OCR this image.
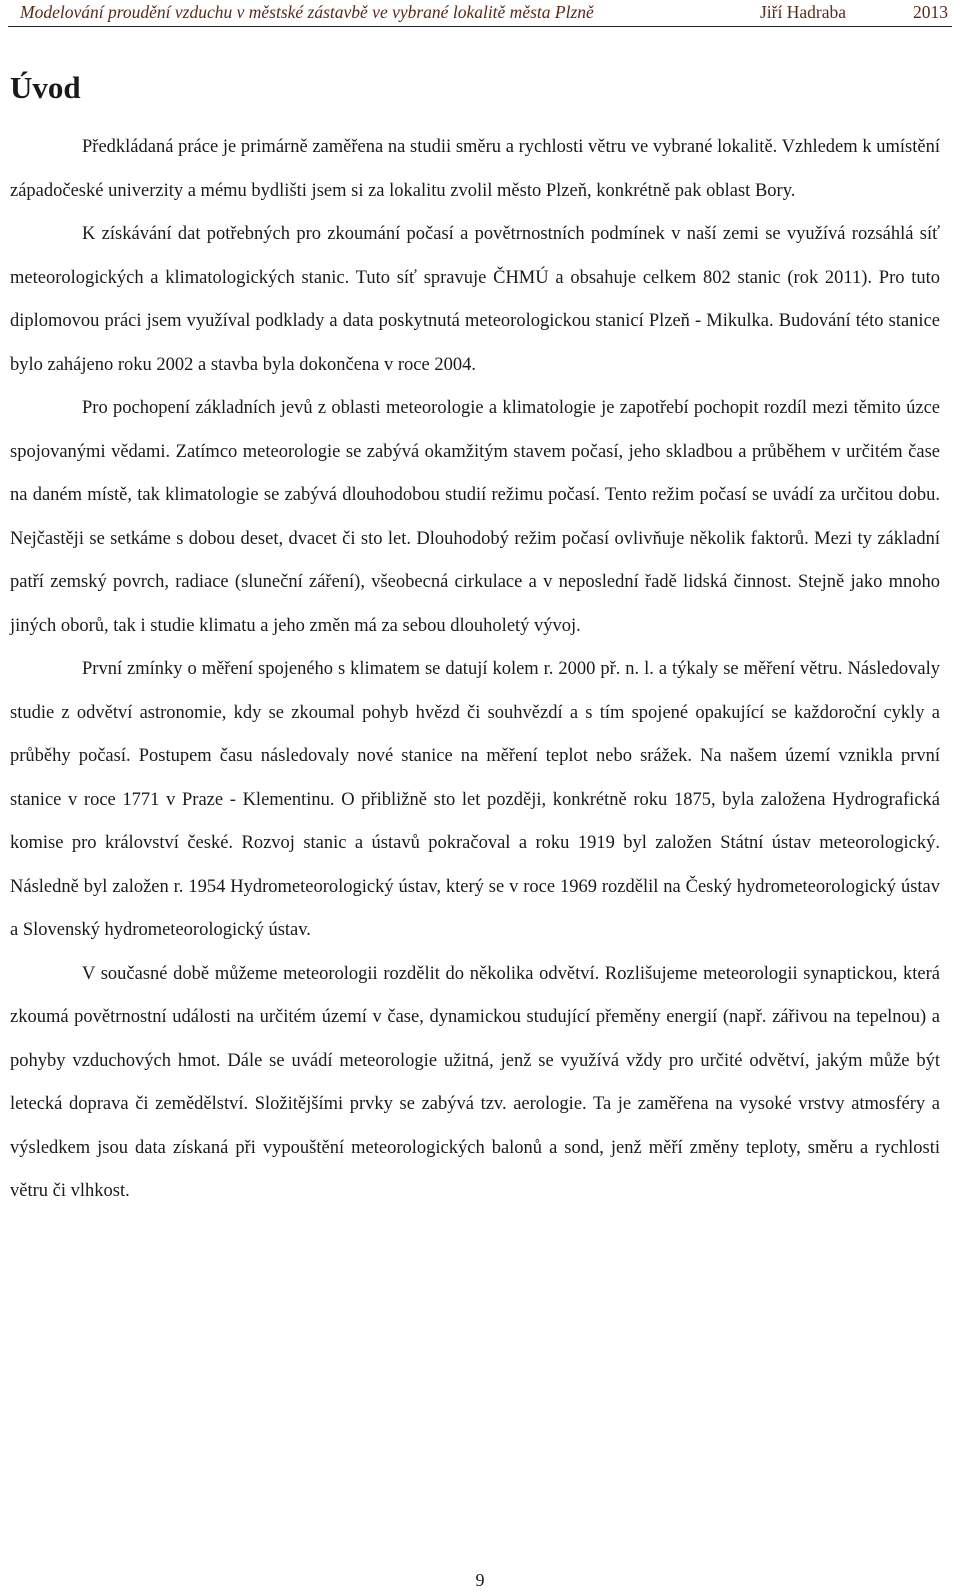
Modelování proudění vzduchu v městské zástavbě ve vybrané lokalitě města Plzně	Jiří Hadraba	2013
Úvod

Předkládaná práce je primárně zaměřena na studii směru a rychlosti větru ve vybrané lokalitě. Vzhledem k umístění západočeské univerzity a mému bydlišti jsem si za lokalitu zvolil město Plzeň, konkrétně pak oblast Bory.

K získávání dat potřebných pro zkoumání počasí a povětrnostních podmínek v naší zemi se využívá rozsáhlá síť meteorologických a klimatologických stanic. Tuto síť spravuje ČHMÚ a obsahuje celkem 802 stanic (rok 2011). Pro tuto diplomovou práci jsem využíval podklady a data poskytnutá meteorologickou stanicí Plzeň - Mikulka. Budování této stanice bylo zahájeno roku 2002 a stavba byla dokončena v roce 2004.

Pro pochopení základních jevů z oblasti meteorologie a klimatologie je zapotřebí pochopit rozdíl mezi těmito úzce spojovanými vědami. Zatímco meteorologie se zabývá okamžitým stavem počasí, jeho skladbou a průběhem v určitém čase na daném místě, tak klimatologie se zabývá dlouhodobou studií režimu počasí. Tento režim počasí se uvádí za určitou dobu. Nejčastěji se setkáme s dobou deset, dvacet či sto let. Dlouhodobý režim počasí ovlivňuje několik faktorů. Mezi ty základní patří zemský povrch, radiace (sluneční záření), všeobecná cirkulace a v neposlední řadě lidská činnost. Stejně jako mnoho jiných oborů, tak i studie klimatu a jeho změn má za sebou dlouholetý vývoj.

První zmínky o měření spojeného s klimatem se datují kolem r. 2000 př. n. l. a týkaly se měření větru. Následovaly studie z odvětví astronomie, kdy se zkoumal pohyb hvězd či souhvězdí a s tím spojené opakující se každoroční cykly a průběhy počasí. Postupem času následovaly nové stanice na měření teplot nebo srážek. Na našem území vznikla první stanice v roce 1771 v Praze - Klementinu. O přibližně sto let později, konkrétně roku 1875, byla založena Hydrografická komise pro království české. Rozvoj stanic a ústavů pokračoval a roku 1919 byl založen Státní ústav meteorologický. Následně byl založen r. 1954 Hydrometeorologický ústav, který se v roce 1969 rozdělil na Český hydrometeorologický ústav a Slovenský hydrometeorologický ústav.

V současné době můžeme meteorologii rozdělit do několika odvětví. Rozlišujeme meteorologii synaptickou, která zkoumá povětrnostní události na určitém území v čase, dynamickou studující přeměny energií (např. zářivou na tepelnou) a pohyby vzduchových hmot. Dále se uvádí meteorologie užitná, jenž se využívá vždy pro určité odvětví, jakým může být letecká doprava či zemědělství. Složitějšími prvky se zabývá tzv. aerologie. Ta je zaměřena na vysoké vrstvy atmosféry a výsledkem jsou data získaná při vypouštění meteorologických balonů a sond, jenž měří změny teploty, směru a rychlosti větru či vlhkost.

9
